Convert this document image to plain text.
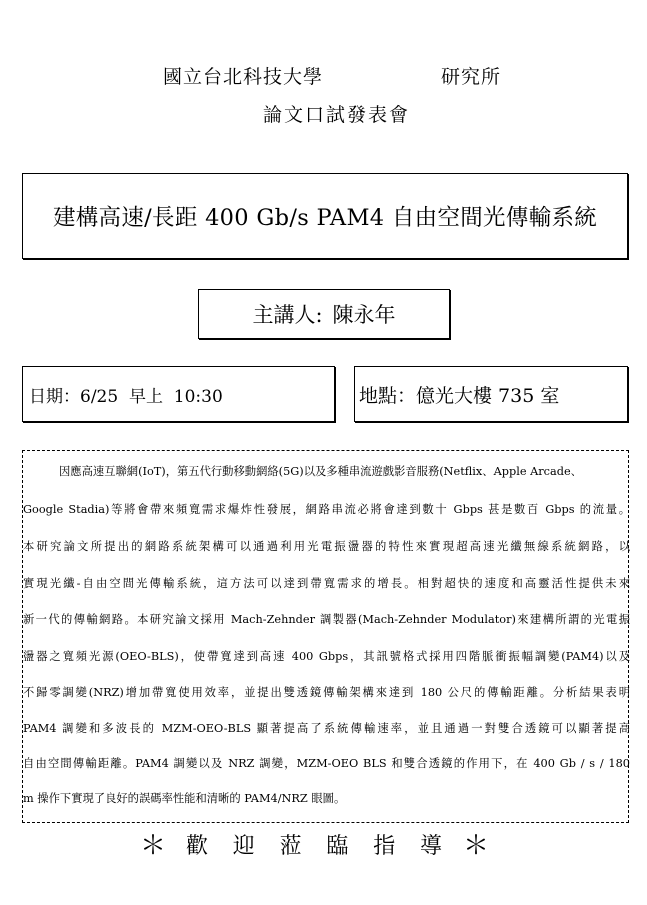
國立台北科技大學	研究所
論文口試發表會
建構高速/長距 400 Gb/s PAM4 自由空間光傳輸系統
主講人: 陳永年
日期：6/25  早上  10:30	地點：億光大樓 735 室
因應高速互聯網(IoT)，第五代行動移動網絡(5G)以及多種串流遊戲影音服務(Netflix、Apple Arcade、
Google Stadia)等將會帶來頻寬需求爆炸性發展，網路串流必將會達到數十 Gbps 甚是數百 Gbps 的流量。
本研究論文所提出的網路系統架構可以通過利用光電振盪器的特性來實現超高速光纖無線系統網路，以
實現光纖-自由空間光傳輸系統，這方法可以達到帶寬需求的增長。相對超快的速度和高靈活性提供未來
新一代的傳輸網路。本研究論文採用 Mach-Zehnder 調製器(Mach-Zehnder Modulator)來建構所謂的光電振
盪器之寬頻光源(OEO-BLS)，使帶寬達到高速 400 Gbps，其訊號格式採用四階脈衝振幅調變(PAM4)以及
不歸零調變(NRZ)增加帶寬使用效率，並提出雙透鏡傳輸架構來達到 180 公尺的傳輸距離。分析結果表明
PAM4 調變和多波長的 MZM-OEO-BLS 顯著提高了系統傳輸速率，並且通過一對雙合透鏡可以顯著提高
自由空間傳輸距離。PAM4 調變以及 NRZ 調變，MZM-OEO BLS 和雙合透鏡的作用下，在 400 Gb / s / 180
m 操作下實現了良好的誤碼率性能和清晰的 PAM4/NRZ 眼圖。
＊ 歡 迎 蒞 臨 指 導 ＊
